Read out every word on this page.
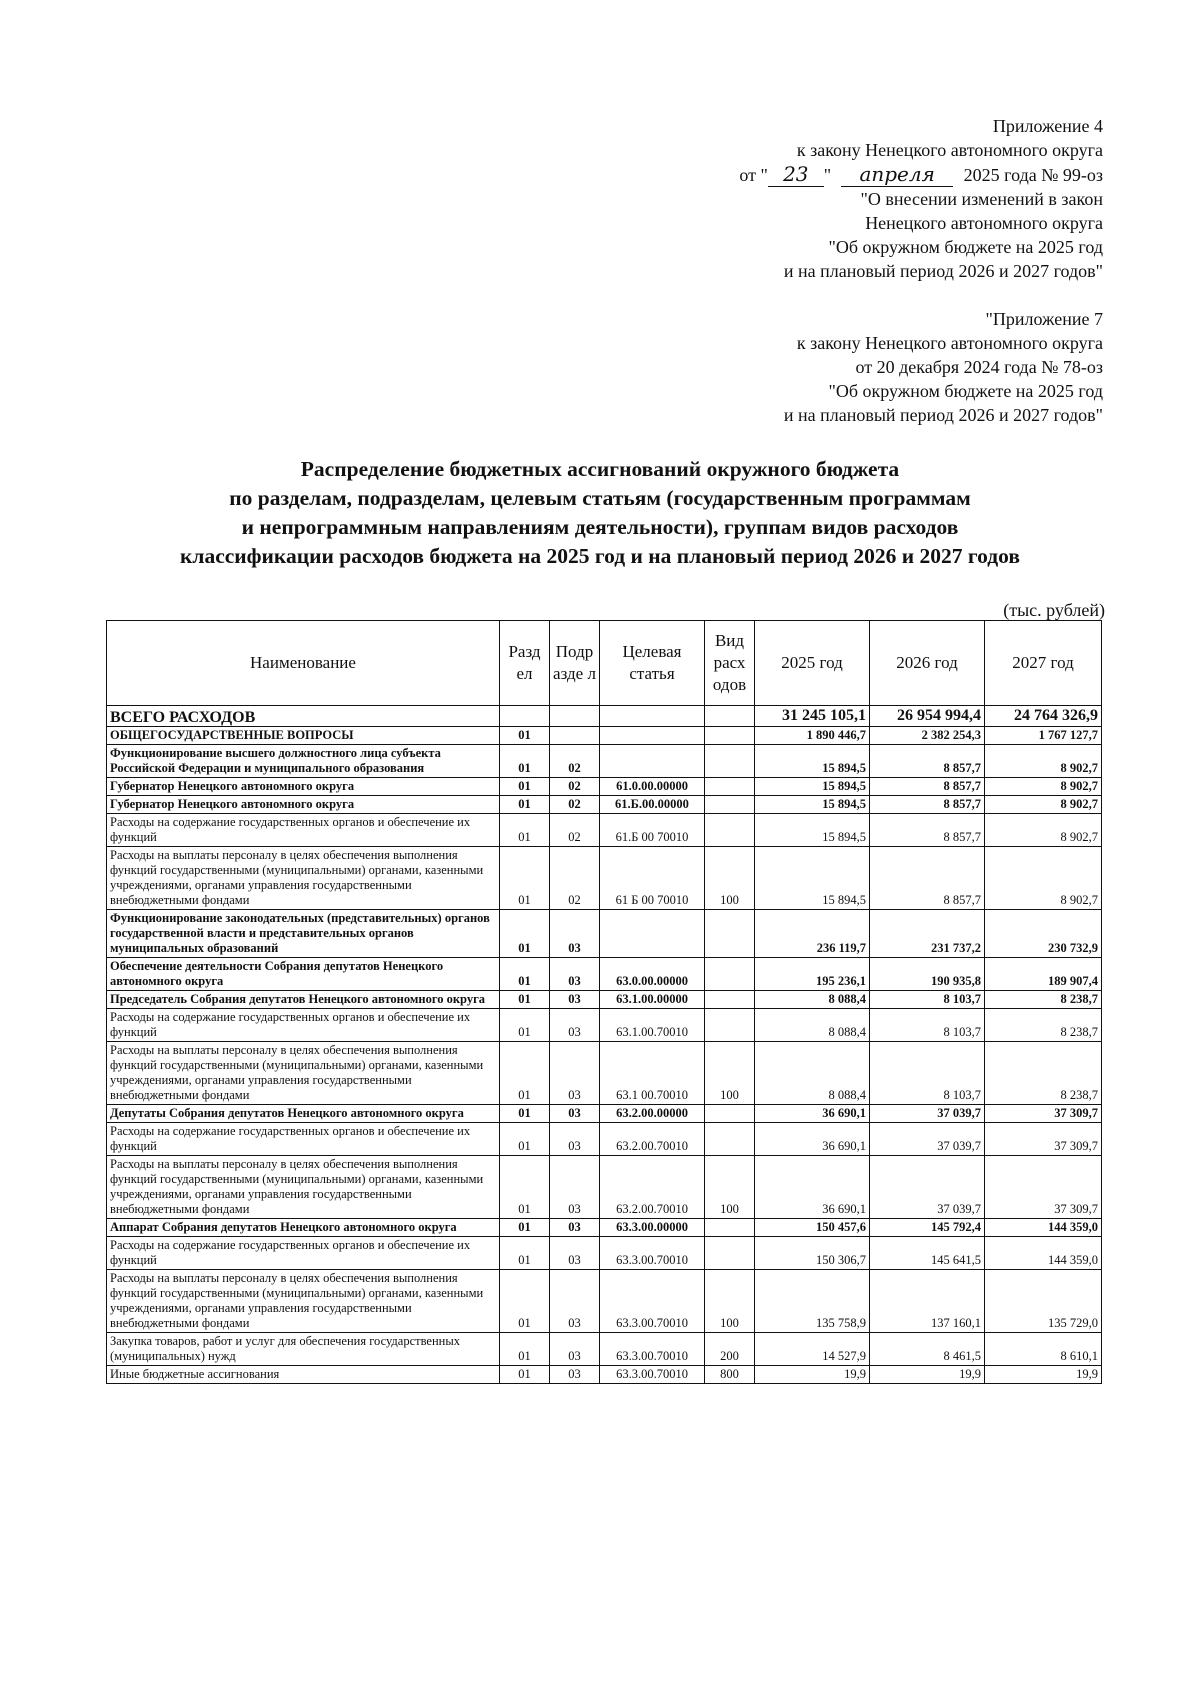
Приложение 4
к закону Ненецкого автономного округа
от " 23 " апреля 2025 года № 99-оз
"О внесении изменений в закон
Ненецкого автономного округа
"Об окружном бюджете на 2025 год
и на плановый период 2026 и 2027 годов"
"Приложение 7
к закону Ненецкого автономного округа
от 20 декабря 2024 года № 78-оз
"Об окружном бюджете на 2025 год
и на плановый период 2026 и 2027 годов"
Распределение бюджетных ассигнований окружного бюджета
по разделам, подразделам, целевым статьям (государственным программам
и непрограммным направлениям деятельности), группам видов расходов
классификации расходов бюджета на 2025 год и на плановый период 2026 и 2027 годов
(тыс. рублей)
Наименование	Разд ел	Подр азде л	Целевая статья	Вид расх одов	2025 год	2026 год	2027 год
ВСЕГО РАСХОДОВ					31 245 105,1	26 954 994,4	24 764 326,9
ОБЩЕГОСУДАРСТВЕННЫЕ ВОПРОСЫ	01				1 890 446,7	2 382 254,3	1 767 127,7
Функционирование высшего должностного лица субъекта Российской Федерации и муниципального образования	01	02			15 894,5	8 857,7	8 902,7
Губернатор Ненецкого автономного округа	01	02	61.0.00.00000		15 894,5	8 857,7	8 902,7
Губернатор Ненецкого автономного округа	01	02	61.Б.00.00000		15 894,5	8 857,7	8 902,7
Расходы на содержание государственных органов и обеспечение их функций	01	02	61.Б 00 70010		15 894,5	8 857,7	8 902,7
Расходы на выплаты персоналу в целях обеспечения выполнения функций государственными (муниципальными) органами, казенными учреждениями, органами управления государственными внебюджетными фондами	01	02	61 Б 00 70010	100	15 894,5	8 857,7	8 902,7
Функционирование законодательных (представительных) органов государственной власти и представительных органов муниципальных образований	01	03			236 119,7	231 737,2	230 732,9
Обеспечение деятельности Собрания депутатов Ненецкого автономного округа	01	03	63.0.00.00000		195 236,1	190 935,8	189 907,4
Председатель Собрания депутатов Ненецкого автономного округа	01	03	63.1.00.00000		8 088,4	8 103,7	8 238,7
Расходы на содержание государственных органов и обеспечение их функций	01	03	63.1.00.70010		8 088,4	8 103,7	8 238,7
Расходы на выплаты персоналу в целях обеспечения выполнения функций государственными (муниципальными) органами, казенными учреждениями, органами управления государственными внебюджетными фондами	01	03	63.1 00.70010	100	8 088,4	8 103,7	8 238,7
Депутаты Собрания депутатов Ненецкого автономного округа	01	03	63.2.00.00000		36 690,1	37 039,7	37 309,7
Расходы на содержание государственных органов и обеспечение их функций	01	03	63.2.00.70010		36 690,1	37 039,7	37 309,7
Расходы на выплаты персоналу в целях обеспечения выполнения функций государственными (муниципальными) органами, казенными учреждениями, органами управления государственными внебюджетными фондами	01	03	63.2.00.70010	100	36 690,1	37 039,7	37 309,7
Аппарат Собрания депутатов Ненецкого автономного округа	01	03	63.3.00.00000		150 457,6	145 792,4	144 359,0
Расходы на содержание государственных органов и обеспечение их функций	01	03	63.3.00.70010		150 306,7	145 641,5	144 359,0
Расходы на выплаты персоналу в целях обеспечения выполнения функций государственными (муниципальными) органами, казенными учреждениями, органами управления государственными внебюджетными фондами	01	03	63.3.00.70010	100	135 758,9	137 160,1	135 729,0
Закупка товаров, работ и услуг для обеспечения государственных (муниципальных) нужд	01	03	63.3.00.70010	200	14 527,9	8 461,5	8 610,1
Иные бюджетные ассигнования	01	03	63.3.00.70010	800	19,9	19,9	19,9
